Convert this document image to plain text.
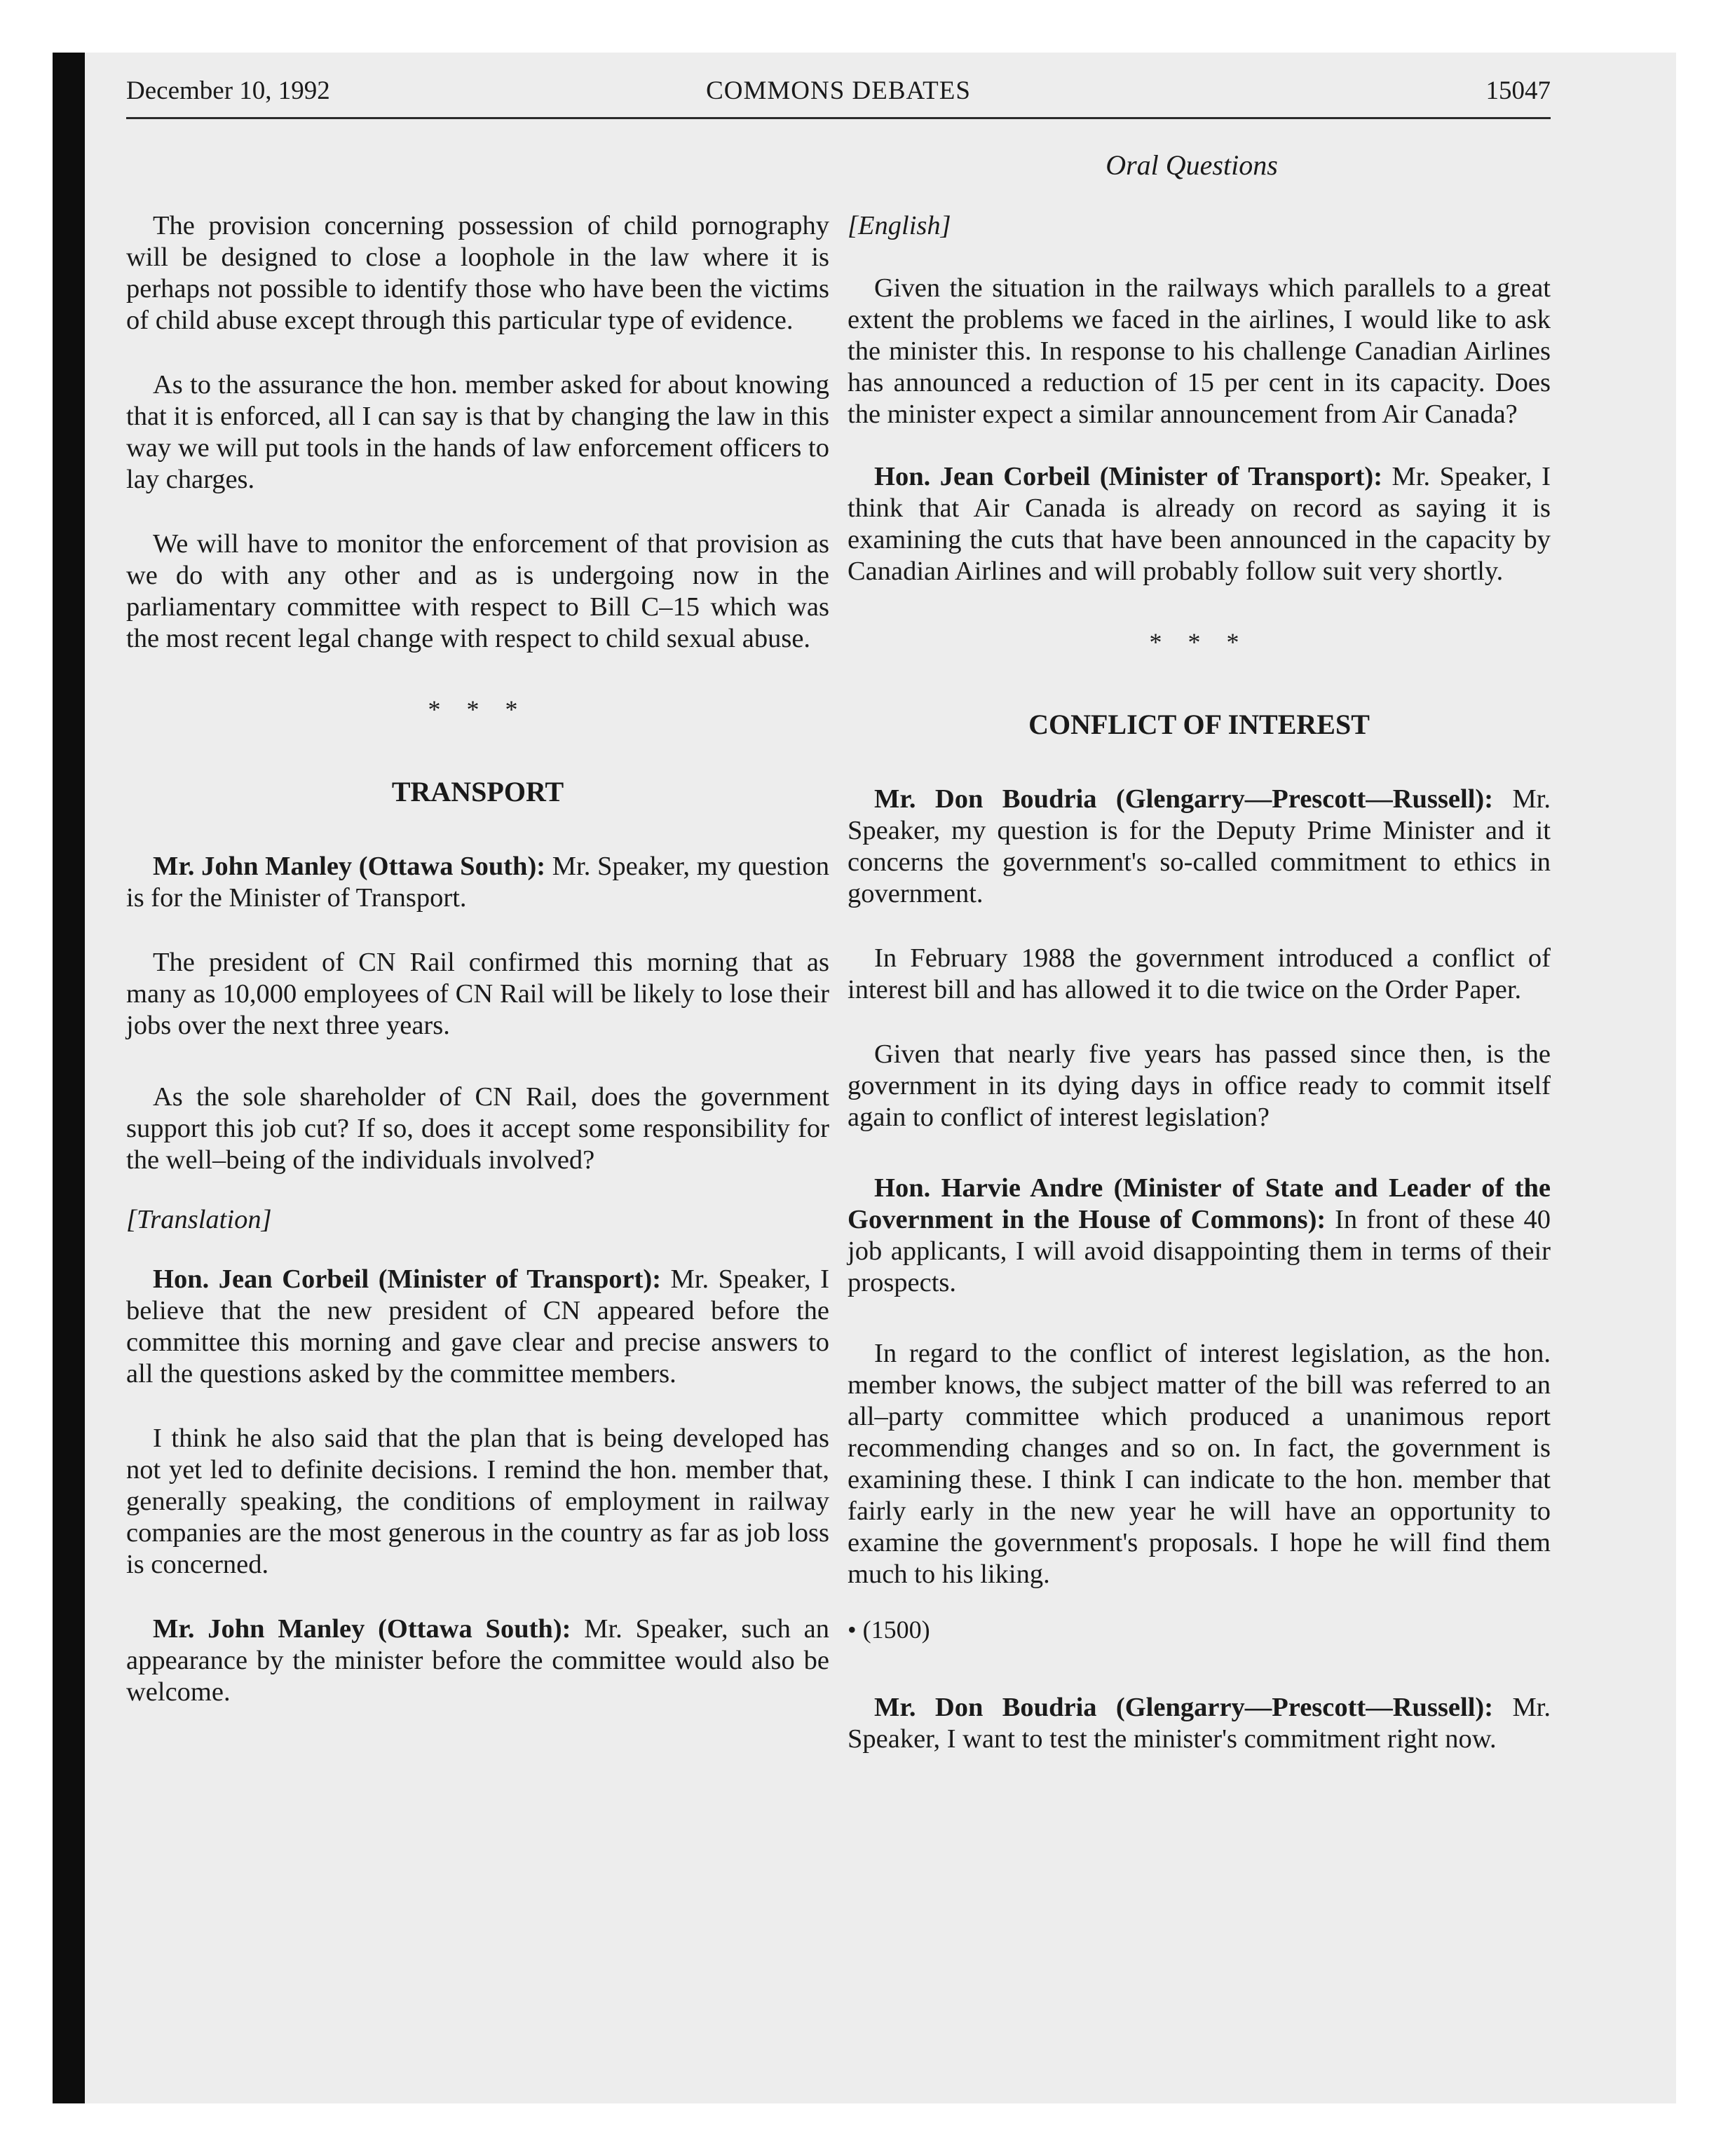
December 10, 1992	COMMONS DEBATES	15047
Oral Questions

The provision concerning possession of child pornography will be designed to close a loophole in the law where it is perhaps not possible to identify those who have been the victims of child abuse except through this particular type of evidence.

As to the assurance the hon. member asked for about knowing that it is enforced, all I can say is that by changing the law in this way we will put tools in the hands of law enforcement officers to lay charges.

We will have to monitor the enforcement of that provision as we do with any other and as is undergoing now in the parliamentary committee with respect to Bill C–15 which was the most recent legal change with respect to child sexual abuse.

* * *
TRANSPORT

Mr. John Manley (Ottawa South): Mr. Speaker, my question is for the Minister of Transport.

The president of CN Rail confirmed this morning that as many as 10,000 employees of CN Rail will be likely to lose their jobs over the next three years.

As the sole shareholder of CN Rail, does the government support this job cut? If so, does it accept some responsibility for the well–being of the individuals involved?

[Translation]

Hon. Jean Corbeil (Minister of Transport): Mr. Speaker, I believe that the new president of CN appeared before the committee this morning and gave clear and precise answers to all the questions asked by the committee members.

I think he also said that the plan that is being developed has not yet led to definite decisions. I remind the hon. member that, generally speaking, the conditions of employment in railway companies are the most generous in the country as far as job loss is concerned.

Mr. John Manley (Ottawa South): Mr. Speaker, such an appearance by the minister before the committee would also be welcome.

[English]

Given the situation in the railways which parallels to a great extent the problems we faced in the airlines, I would like to ask the minister this. In response to his challenge Canadian Airlines has announced a reduction of 15 per cent in its capacity. Does the minister expect a similar announcement from Air Canada?

Hon. Jean Corbeil (Minister of Transport): Mr. Speaker, I think that Air Canada is already on record as saying it is examining the cuts that have been announced in the capacity by Canadian Airlines and will probably follow suit very shortly.

* * *
CONFLICT OF INTEREST

Mr. Don Boudria (Glengarry—Prescott—Russell): Mr. Speaker, my question is for the Deputy Prime Minister and it concerns the government's so-called commitment to ethics in government.

In February 1988 the government introduced a conflict of interest bill and has allowed it to die twice on the Order Paper.

Given that nearly five years has passed since then, is the government in its dying days in office ready to commit itself again to conflict of interest legislation?

Hon. Harvie Andre (Minister of State and Leader of the Government in the House of Commons): In front of these 40 job applicants, I will avoid disappointing them in terms of their prospects.

In regard to the conflict of interest legislation, as the hon. member knows, the subject matter of the bill was referred to an all–party committee which produced a unanimous report recommending changes and so on. In fact, the government is examining these. I think I can indicate to the hon. member that fairly early in the new year he will have an opportunity to examine the government's proposals. I hope he will find them much to his liking.

• (1500)

Mr. Don Boudria (Glengarry—Prescott—Russell): Mr. Speaker, I want to test the minister's commitment right now.
